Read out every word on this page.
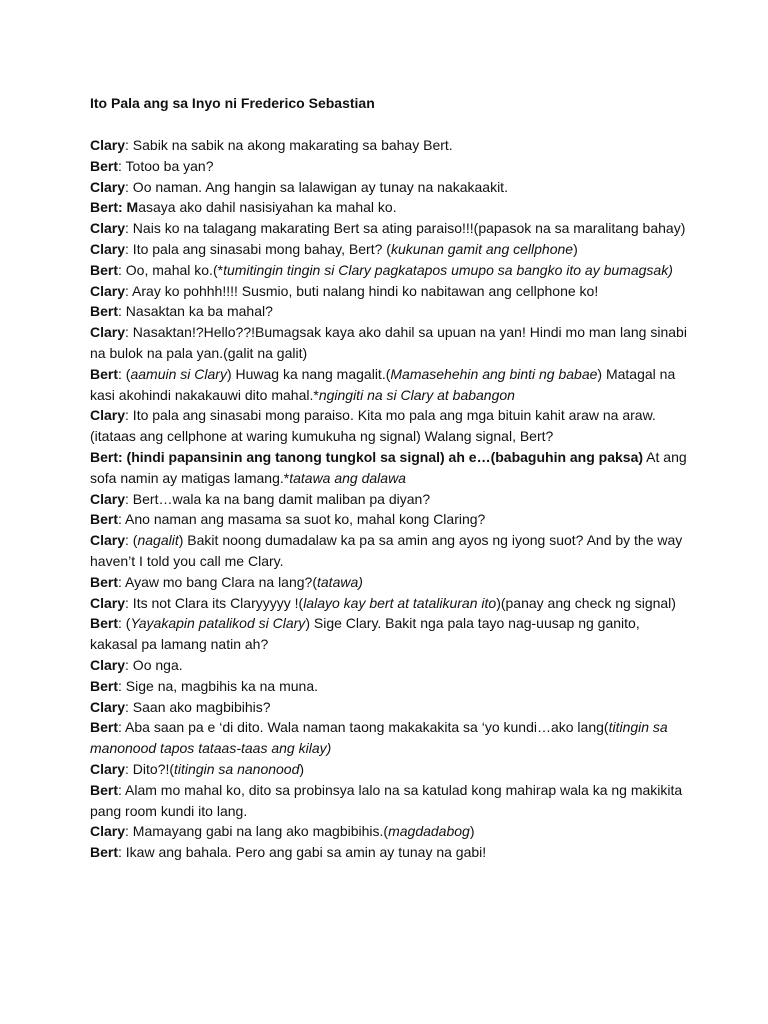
Ito Pala ang sa Inyo ni Frederico Sebastian

Clary: Sabik na sabik na akong makarating sa bahay Bert.

Bert: Totoo ba yan?

Clary: Oo naman. Ang hangin sa lalawigan ay tunay na nakakaakit.

Bert: Masaya ako dahil nasisiyahan ka mahal ko.

Clary: Nais ko na talagang makarating Bert sa ating paraiso!!!(papasok na sa maralitang bahay)

Clary: Ito pala ang sinasabi mong bahay, Bert? (kukunan gamit ang cellphone)

Bert: Oo, mahal ko.(*tumitingin tingin si Clary pagkatapos umupo sa bangko ito ay bumagsak)

Clary: Aray ko pohhh!!!! Susmio, buti nalang hindi ko nabitawan ang cellphone ko!

Bert: Nasaktan ka ba mahal?

Clary: Nasaktan!?Hello??!Bumagsak kaya ako dahil sa upuan na yan! Hindi mo man lang sinabi na bulok na pala yan.(galit na galit)

Bert: (aamuin si Clary) Huwag ka nang magalit.(Mamasehehin ang binti ng babae) Matagal na kasi akohindi nakakauwi dito mahal.*ngingiti na si Clary at babangon

Clary: Ito pala ang sinasabi mong paraiso. Kita mo pala ang mga bituin kahit araw na araw. (itataas ang cellphone at waring kumukuha ng signal) Walang signal, Bert?

Bert: (hindi papansinin ang tanong tungkol sa signal) ah e…(babaguhin ang paksa) At ang sofa namin ay matigas lamang.*tatawa ang dalawa

Clary: Bert…wala ka na bang damit maliban pa diyan?

Bert: Ano naman ang masama sa suot ko, mahal kong Claring?

Clary: (nagalit) Bakit noong dumadalaw ka pa sa amin ang ayos ng iyong suot? And by the way haven’t I told you call me Clary.

Bert: Ayaw mo bang Clara na lang?(tatawa)

Clary: Its not Clara its Claryyyyy !(lalayo kay bert at tatalikuran ito)(panay ang check ng signal)

Bert: (Yayakapin patalikod si Clary) Sige Clary. Bakit nga pala tayo nag-uusap ng ganito, kakasal pa lamang natin ah?

Clary: Oo nga.

Bert: Sige na, magbihis ka na muna.

Clary: Saan ako magbibihis?

Bert: Aba saan pa e ‘di dito. Wala naman taong makakakita sa ‘yo kundi…ako lang(titingin sa manonood tapos tataas-taas ang kilay)

Clary: Dito?!(titingin sa nanonood)

Bert: Alam mo mahal ko, dito sa probinsya lalo na sa katulad kong mahirap wala ka ng makikita pang room kundi ito lang.

Clary: Mamayang gabi na lang ako magbibihis.(magdadabog)

Bert: Ikaw ang bahala. Pero ang gabi sa amin ay tunay na gabi!
